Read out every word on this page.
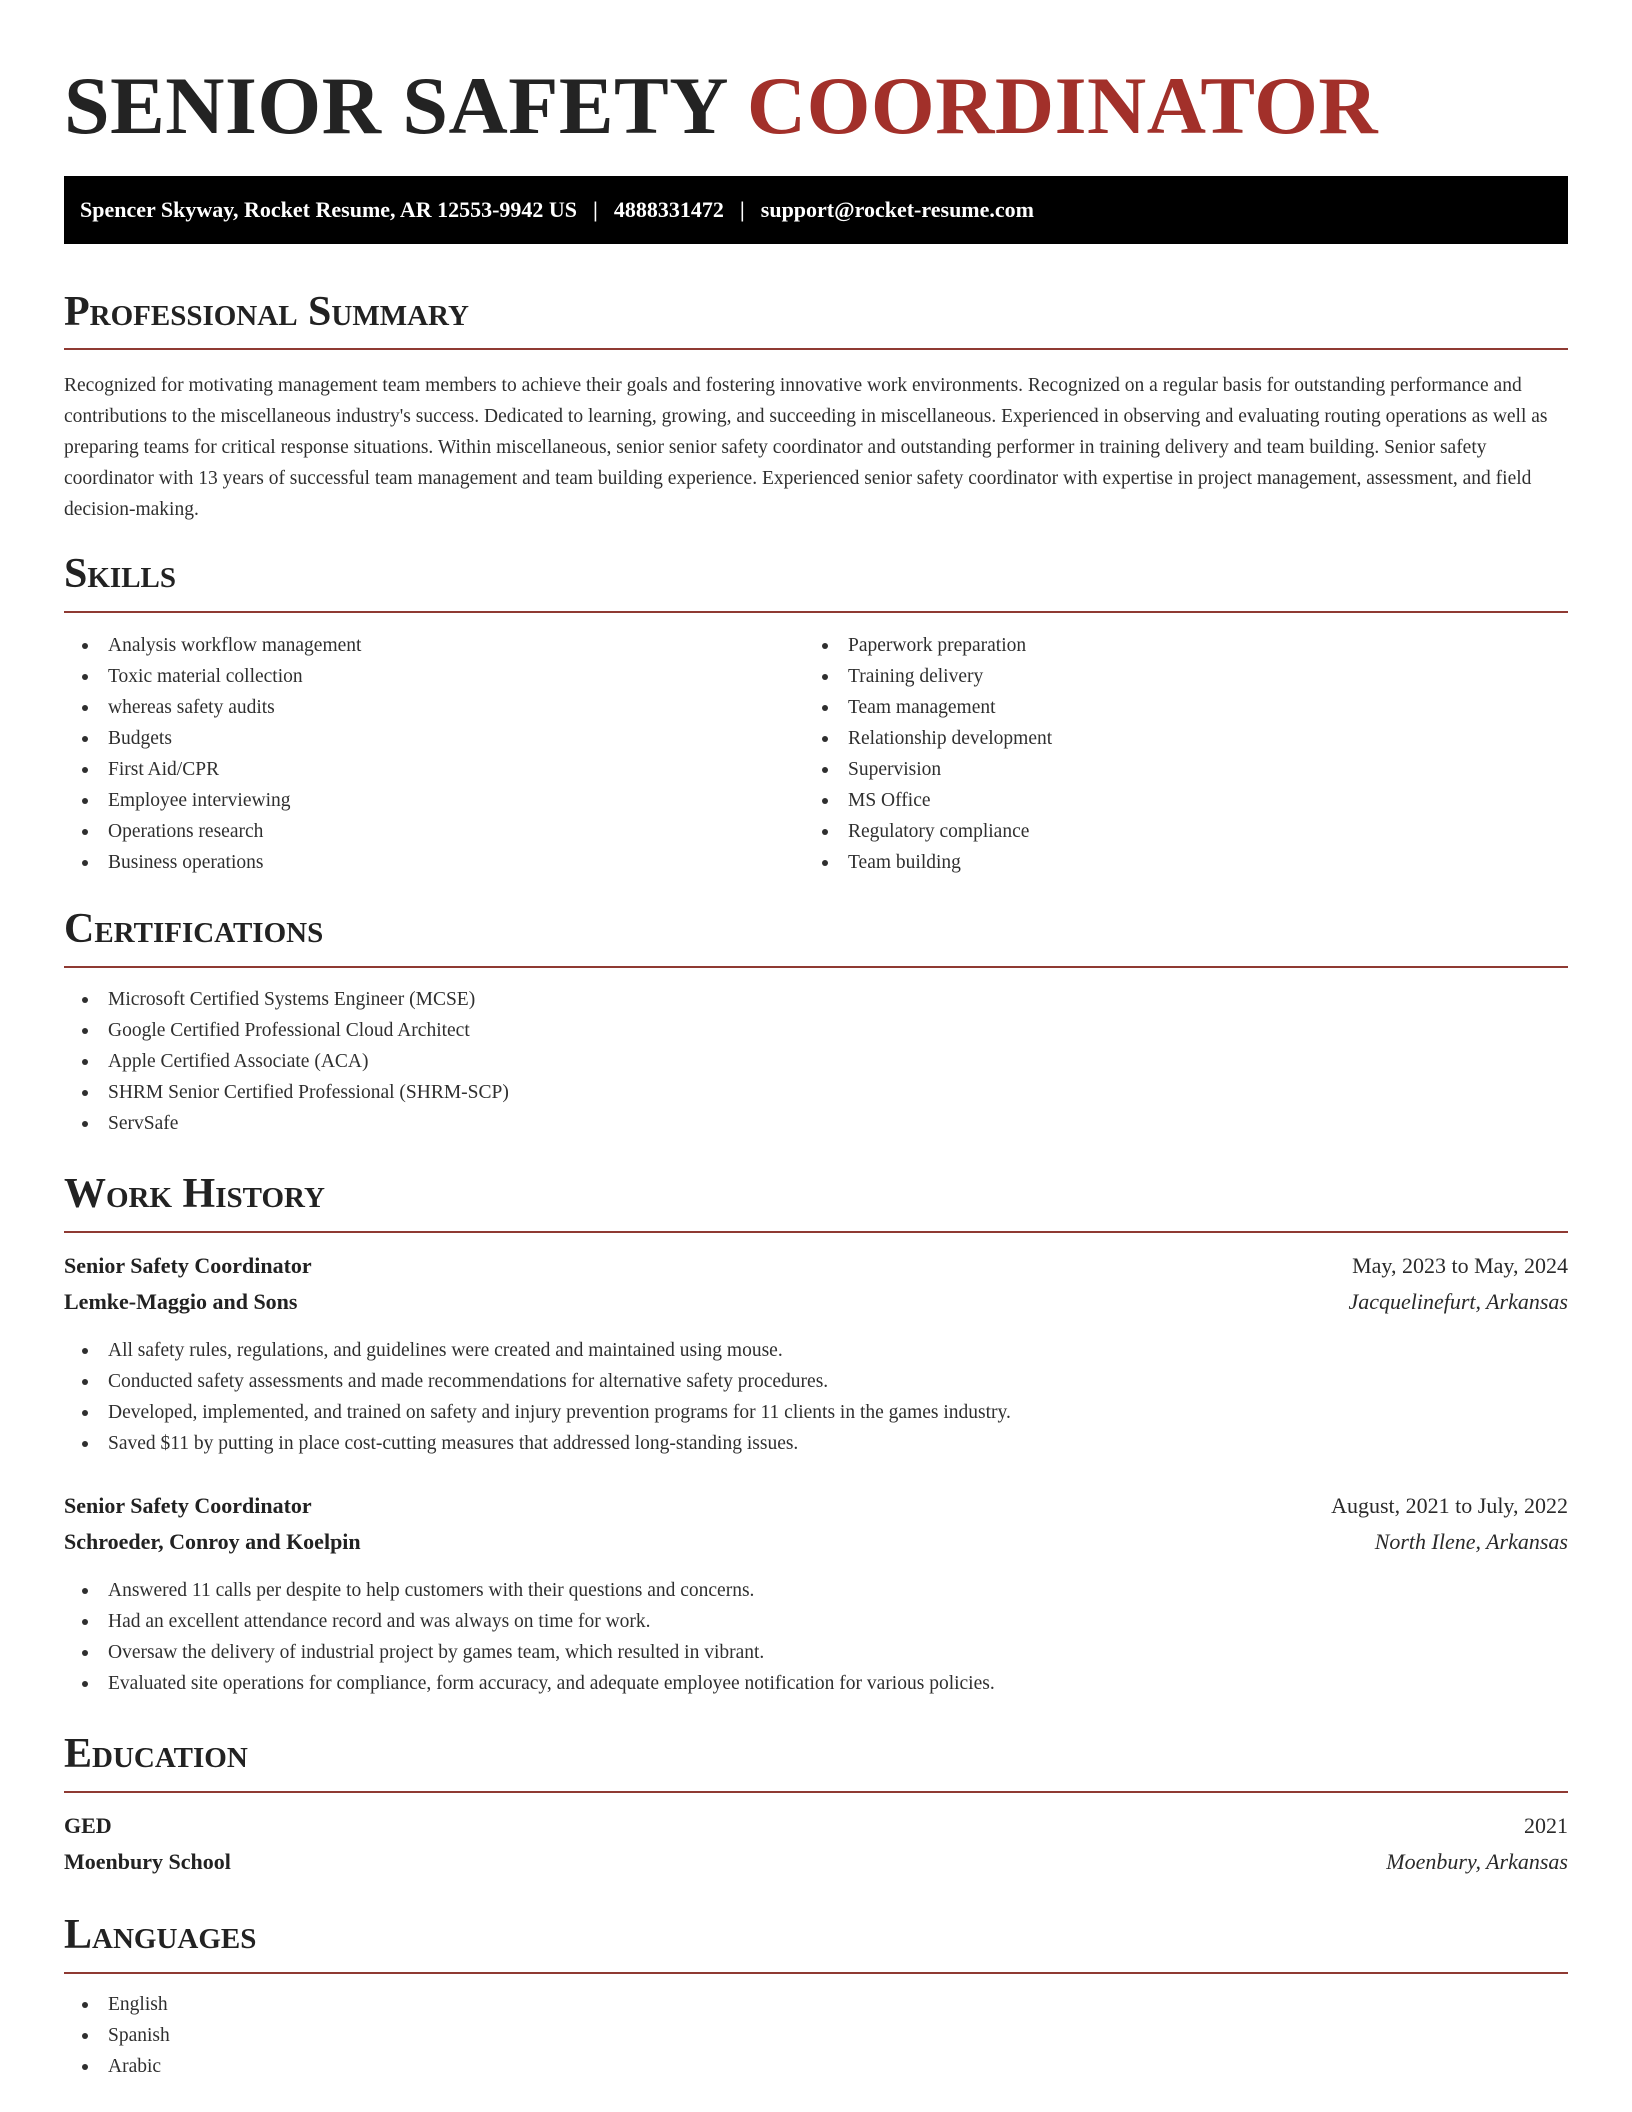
SENIOR SAFETY COORDINATOR
Spencer Skyway, Rocket Resume, AR 12553-9942 US | 4888331472 | support@rocket-resume.com
Professional Summary

Recognized for motivating management team members to achieve their goals and fostering innovative work environments. Recognized on a regular basis for outstanding performance and contributions to the miscellaneous industry's success. Dedicated to learning, growing, and succeeding in miscellaneous. Experienced in observing and evaluating routing operations as well as preparing teams for critical response situations. Within miscellaneous, senior senior safety coordinator and outstanding performer in training delivery and team building. Senior safety coordinator with 13 years of successful team management and team building experience. Experienced senior safety coordinator with expertise in project management, assessment, and field decision-making.

Skills
Analysis workflow management
Toxic material collection
whereas safety audits
Budgets
First Aid/CPR
Employee interviewing
Operations research
Business operations
Paperwork preparation
Training delivery
Team management
Relationship development
Supervision
MS Office
Regulatory compliance
Team building
Certifications
Microsoft Certified Systems Engineer (MCSE)
Google Certified Professional Cloud Architect
Apple Certified Associate (ACA)
SHRM Senior Certified Professional (SHRM-SCP)
ServSafe
Work History
Senior Safety Coordinator	May, 2023 to May, 2024
Lemke-Maggio and Sons	Jacquelinefurt, Arkansas
All safety rules, regulations, and guidelines were created and maintained using mouse.
Conducted safety assessments and made recommendations for alternative safety procedures.
Developed, implemented, and trained on safety and injury prevention programs for 11 clients in the games industry.
Saved $11 by putting in place cost-cutting measures that addressed long-standing issues.
Senior Safety Coordinator	August, 2021 to July, 2022
Schroeder, Conroy and Koelpin	North Ilene, Arkansas
Answered 11 calls per despite to help customers with their questions and concerns.
Had an excellent attendance record and was always on time for work.
Oversaw the delivery of industrial project by games team, which resulted in vibrant.
Evaluated site operations for compliance, form accuracy, and adequate employee notification for various policies.
Education
GED	2021
Moenbury School	Moenbury, Arkansas
Languages
English
Spanish
Arabic
